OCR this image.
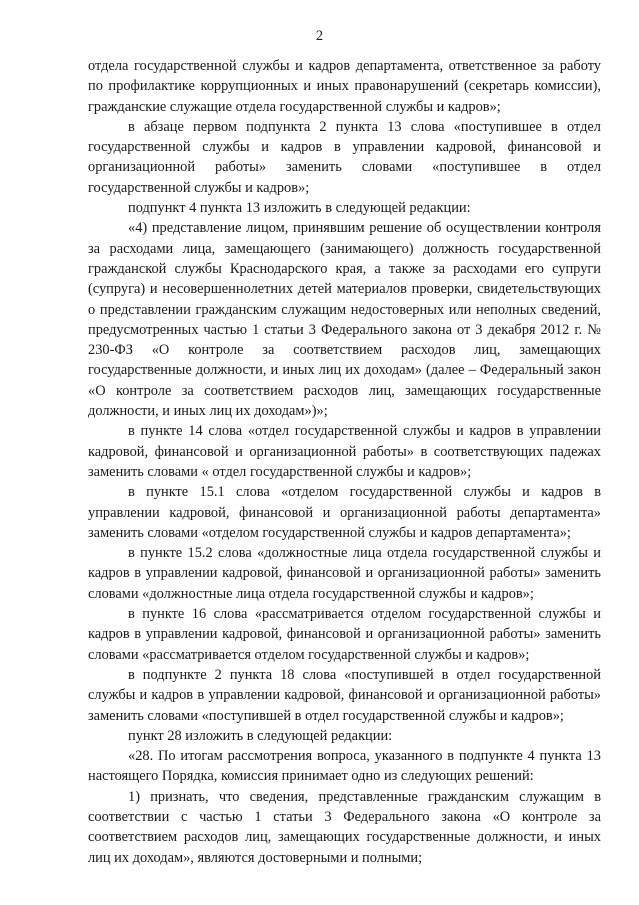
2

отдела государственной службы и кадров департамента, ответственное за работу по профилактике коррупционных и иных правонарушений (секретарь комиссии), гражданские служащие отдела государственной службы и кадров»;

в абзаце первом подпункта 2 пункта 13 слова «поступившее в отдел государственной службы и кадров в управлении кадровой, финансовой и организационной работы» заменить словами «поступившее в отдел государственной службы и кадров»;

подпункт 4 пункта 13 изложить в следующей редакции:

«4) представление лицом, принявшим решение об осуществлении контроля за расходами лица, замещающего (занимающего) должность государственной гражданской службы Краснодарского края, а также за расходами его супруги (супруга) и несовершеннолетних детей материалов проверки, свидетельствующих о представлении гражданским служащим недостоверных или неполных сведений, предусмотренных частью 1 статьи 3 Федерального закона от 3 декабря 2012 г. № 230-ФЗ «О контроле за соответствием расходов лиц, замещающих государственные должности, и иных лиц их доходам» (далее – Федеральный закон «О контроле за соответствием расходов лиц, замещающих государственные должности, и иных лиц их доходам»)»;

в пункте 14 слова «отдел государственной службы и кадров в управлении кадровой, финансовой и организационной работы» в соответствующих падежах заменить словами « отдел государственной службы и кадров»;

в пункте 15.1 слова «отделом государственной службы и кадров в управлении кадровой, финансовой и организационной работы департамента» заменить словами «отделом государственной службы и кадров департамента»;

в пункте 15.2 слова «должностные лица отдела государственной службы и кадров в управлении кадровой, финансовой и организационной работы» заменить словами «должностные лица отдела государственной службы и кадров»;

в пункте 16 слова «рассматривается отделом государственной службы и кадров в управлении кадровой, финансовой и организационной работы» заменить словами «рассматривается отделом государственной службы и кадров»;

в подпункте 2 пункта 18 слова «поступившей в отдел государственной службы и кадров в управлении кадровой, финансовой и организационной работы» заменить словами «поступившей в отдел государственной службы и кадров»;

пункт 28 изложить в следующей редакции:

«28. По итогам рассмотрения вопроса, указанного в подпункте 4 пункта 13 настоящего Порядка, комиссия принимает одно из следующих решений:

1) признать, что сведения, представленные гражданским служащим в соответствии с частью 1 статьи 3 Федерального закона «О контроле за соответствием расходов лиц, замещающих государственные должности, и иных лиц их доходам», являются достоверными и полными;
